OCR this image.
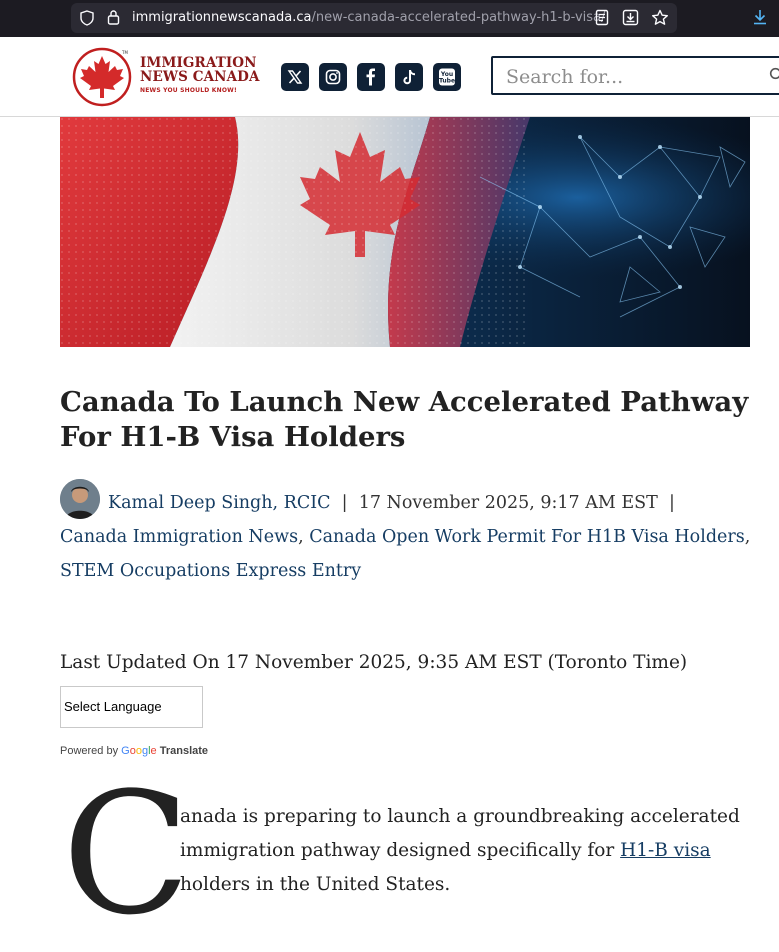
immigrationnewscanada.ca/new-canada-accelerated-pathway-h1-b-visa/
TM
IMMIGRATION
NEWS CANADA
NEWS YOU SHOULD KNOW!
You
Tube
Search for...
Canada To Launch New Accelerated Pathway For H1-B Visa Holders
Kamal Deep Singh, RCIC | 17 November 2025, 9:17 AM EST |
Canada Immigration News, Canada Open Work Permit For H1B Visa Holders,
STEM Occupations Express Entry
Last Updated On 17 November 2025, 9:35 AM EST (Toronto Time)
Select Language
Powered by Google Translate
C
anada is preparing to launch a groundbreaking accelerated immigration pathway designed specifically for H1-B visa holders in the United States.
